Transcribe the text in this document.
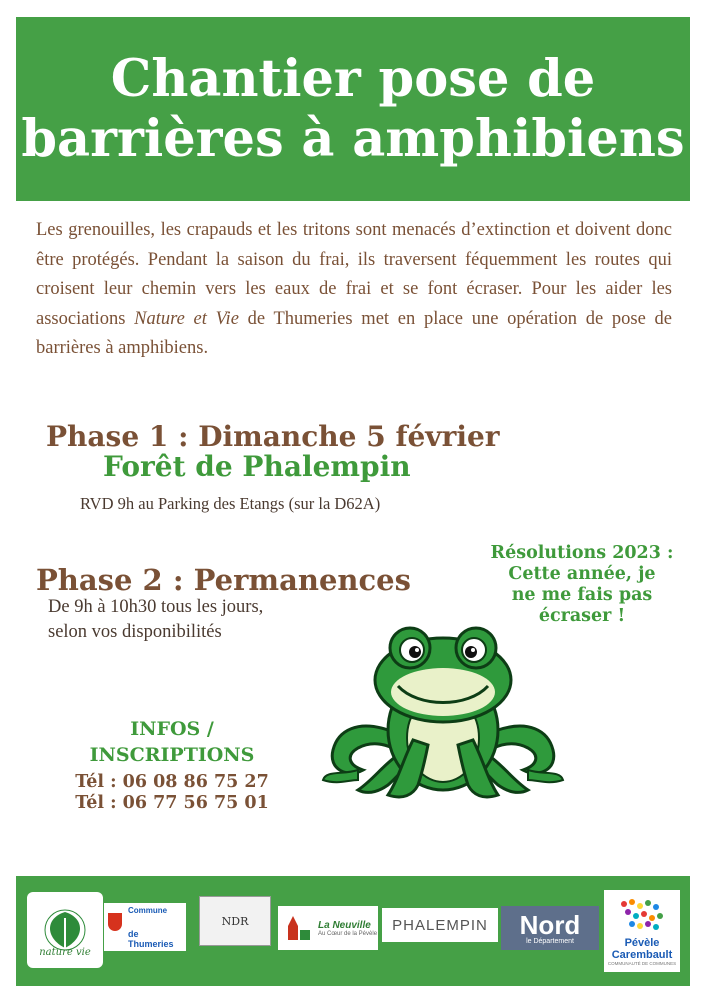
Chantier pose de
barrières à amphibiens
Les grenouilles, les crapauds et les tritons sont menacés d’extinction et doivent donc être protégés. Pendant la saison du frai, ils traversent féquemment les routes qui croisent leur chemin vers les eaux de frai et se font écraser. Pour les aider les associations Nature et Vie de Thumeries met en place une opération de pose de barrières à amphibiens.
Phase 1 : Dimanche 5 février
Forêt de Phalempin
RVD 9h au Parking des Etangs (sur la D62A)
Phase 2 : Permanences
De 9h à 10h30 tous les jours,
selon vos disponibilités
Résolutions 2023 :
Cette année, je
ne me fais pas
écraser !
INFOS /
INSCRIPTIONS
Tél : 06 08 86 75 27
Tél : 06 77 56 75 01
nature vie
Commune
de Thumeries
NDR	La Neuville
Au Cœur de la Pévèle	PHALEMPIN	Nord
le Département	Pévèle
Carembault
COMMUNAUTÉ DE COMMUNES
